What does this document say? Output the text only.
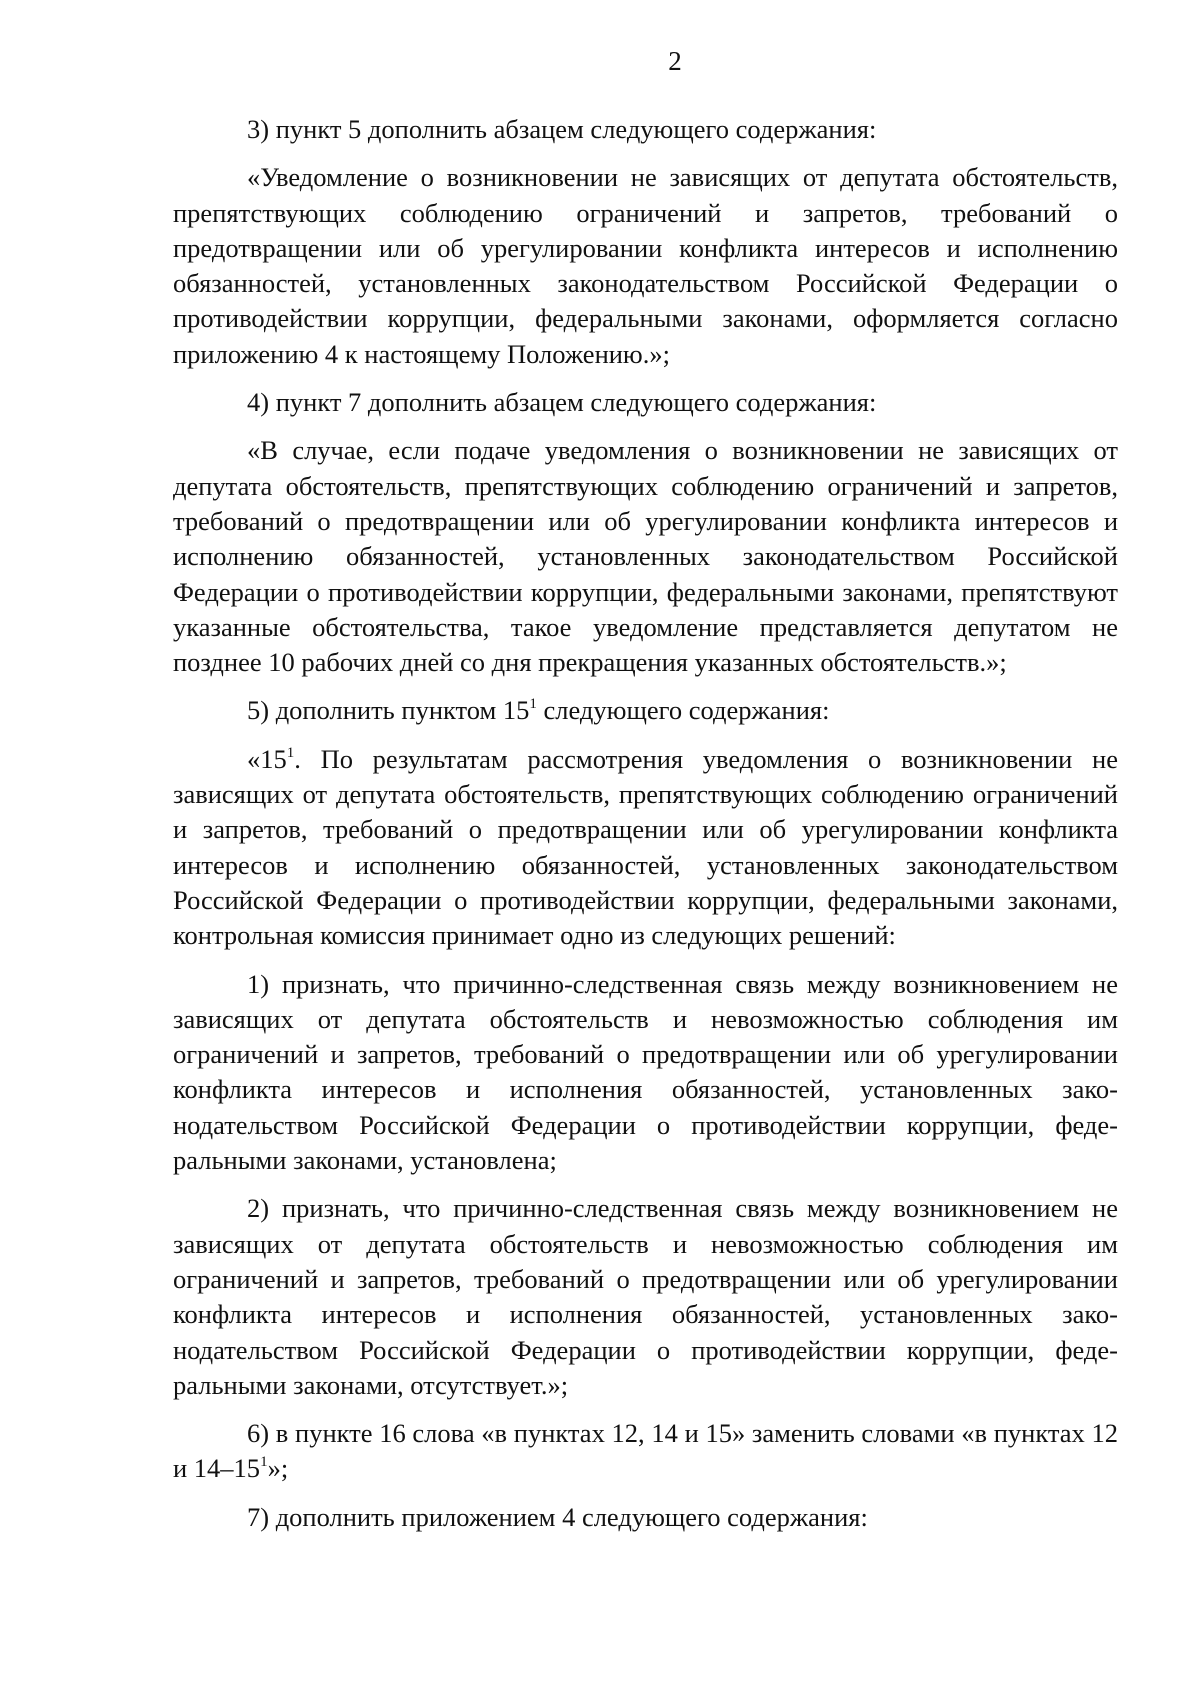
2

3) пункт 5 дополнить абзацем следующего содержания:

«Уведомление о возникновении не зависящих от депутата обстоятельств, препятствующих соблюдению ограничений и запретов, требований о предотвращении или об урегулировании конфликта интересов и исполнению обязанностей, установленных законодательством Российской Федерации о противодействии коррупции, федеральными законами, оформляется согласно приложению 4 к настоящему Положению.»;

4) пункт 7 дополнить абзацем следующего содержания:

«В случае, если подаче уведомления о возникновении не зависящих от депутата обстоятельств, препятствующих соблюдению ограничений и запретов, требований о предотвращении или об урегулировании конфликта интересов и исполнению обязанностей, установленных законодательством Российской Федерации о противодействии коррупции, федеральными законами, препятствуют указанные обстоятельства, такое уведомление представляется депутатом не позднее 10 рабочих дней со дня прекращения указанных обстоятельств.»;

5) дополнить пунктом $15^1$ следующего содержания:

«$15^1$. По результатам рассмотрения уведомления о возникновении не зависящих от депутата обстоятельств, препятствующих соблюдению ограничений и запретов, требований о предотвращении или об урегулировании конфликта интересов и исполнению обязанностей, установленных законодательством Российской Федерации о противодействии коррупции, федеральными законами, контрольная комиссия принимает одно из следующих решений:

1) признать, что причинно-следственная связь между возникновением не зависящих от депутата обстоятельств и невозможностью соблюдения им ограничений и запретов, требований о предотвращении или об урегулировании конфликта интересов и исполнения обязанностей, установленных законодательством Российской Федерации о противодействии коррупции, федеральными законами, установлена;

2) признать, что причинно-следственная связь между возникновением не зависящих от депутата обстоятельств и невозможностью соблюдения им ограничений и запретов, требований о предотвращении или об урегулировании конфликта интересов и исполнения обязанностей, установленных законодательством Российской Федерации о противодействии коррупции, федеральными законами, отсутствует.»;

6) в пункте 16 слова «в пунктах 12, 14 и 15» заменить словами «в пунктах 12 и $14-15^1$»;

7) дополнить приложением 4 следующего содержания:
